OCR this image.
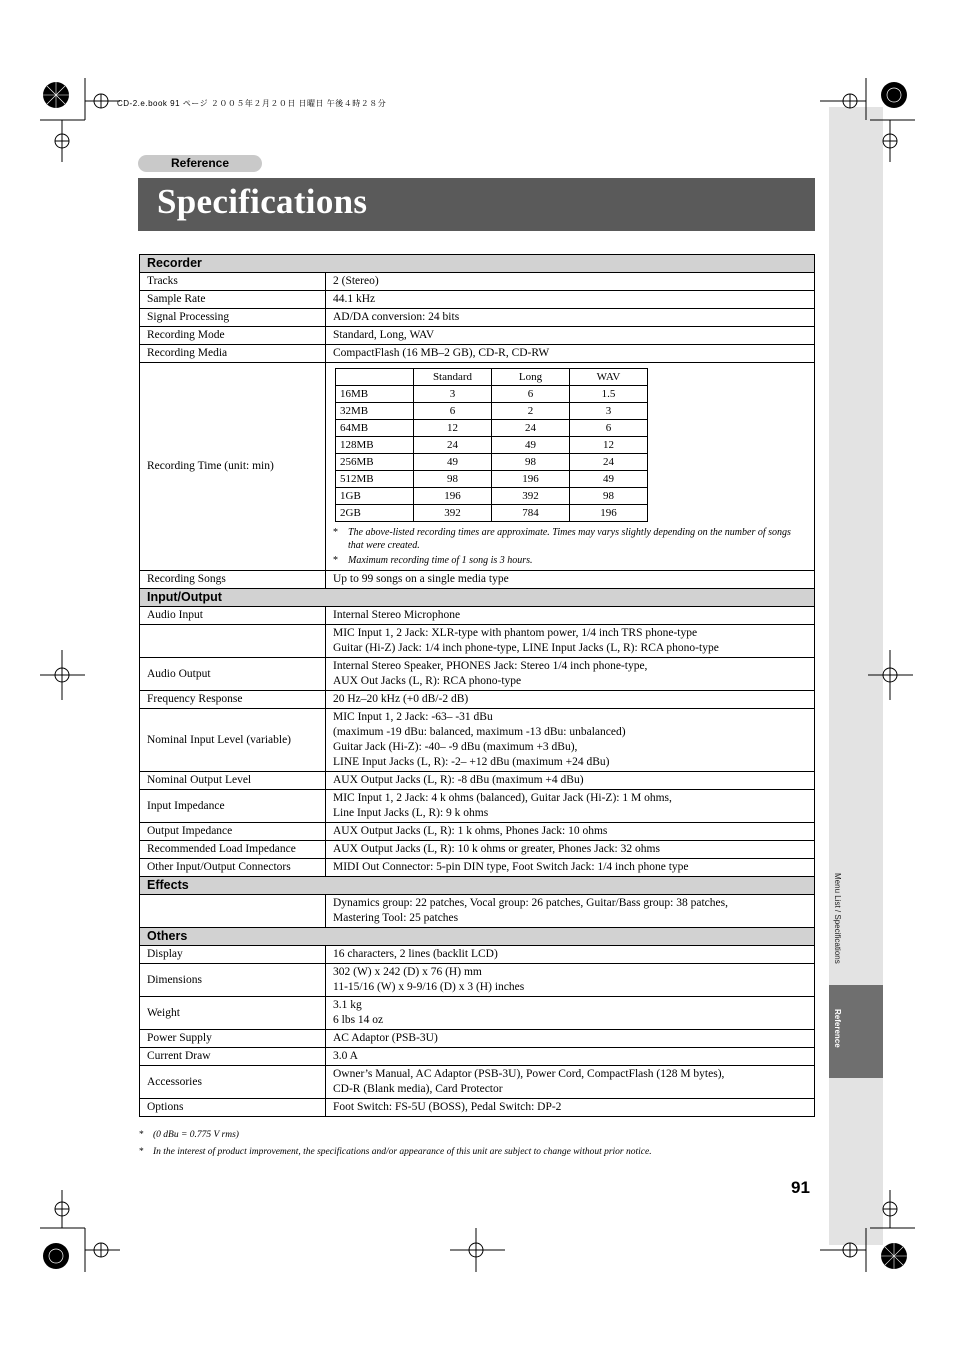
Menu List / Specifications
Reference
CD-2.e.book 91 ページ ２００５年２月２０日 日曜日 午後４時２８分
Reference
Specifications
Recorder
Tracks	2 (Stereo)
Sample Rate	44.1 kHz
Signal Processing	AD/DA conversion: 24 bits
Recording Mode	Standard, Long, WAV
Recording Media	CompactFlash (16 MB–2 GB), CD-R, CD-RW
Recording Time (unit: min)	
	Standard	Long	WAV
16MB	3	6	1.5
32MB	6	2	3
64MB	12	24	6
128MB	24	49	12
256MB	49	98	24
512MB	98	196	49
1GB	196	392	98
2GB	392	784	196
* The above-listed recording times are approximate. Times may varys slightly depending on the number of songs that were created.
* Maximum recording time of 1 song is 3 hours.

Recording Songs	Up to 99 songs on a single media type
Input/Output
Audio Input	Internal Stereo Microphone

MIC Input 1, 2 Jack: XLR-type with phantom power, 1/4 inch TRS phone-type
Guitar (Hi-Z) Jack: 1/4 inch phone-type, LINE Input Jacks (L, R): RCA phono-type

Audio Output	
Internal Stereo Speaker, PHONES Jack: Stereo 1/4 inch phone-type,
AUX Out Jacks (L, R): RCA phono-type

Frequency Response	20 Hz–20 kHz (+0 dB/-2 dB)
Nominal Input Level (variable)	
MIC Input 1, 2 Jack: -63– -31 dBu
(maximum -19 dBu: balanced, maximum -13 dBu: unbalanced)
Guitar Jack (Hi-Z): -40– -9 dBu (maximum +3 dBu),
LINE Input Jacks (L, R): -2– +12 dBu (maximum +24 dBu)

Nominal Output Level	AUX Output Jacks (L, R): -8 dBu (maximum +4 dBu)
Input Impedance	
MIC Input 1, 2 Jack: 4 k ohms (balanced), Guitar Jack (Hi-Z): 1 M ohms,
Line Input Jacks (L, R): 9 k ohms

Output Impedance	AUX Output Jacks (L, R): 1 k ohms, Phones Jack: 10 ohms
Recommended Load Impedance	AUX Output Jacks (L, R): 10 k ohms or greater, Phones Jack: 32 ohms
Other Input/Output Connectors	MIDI Out Connector: 5-pin DIN type, Foot Switch Jack: 1/4 inch phone type
Effects

Dynamics group: 22 patches, Vocal group: 26 patches, Guitar/Bass group: 38 patches,
Mastering Tool: 25 patches

Others
Display	16 characters, 2 lines (backlit LCD)
Dimensions	
302 (W) x 242 (D) x 76 (H) mm
11-15/16 (W) x 9-9/16 (D) x 3 (H) inches

Weight	
3.1 kg
6 lbs 14 oz

Power Supply	AC Adaptor (PSB-3U)
Current Draw	3.0 A
Accessories	
Owner’s Manual, AC Adaptor (PSB-3U), Power Cord, CompactFlash (128 M bytes),
CD-R (Blank media), Card Protector

Options	Foot Switch: FS-5U (BOSS), Pedal Switch: DP-2
* (0 dBu = 0.775 V rms)
* In the interest of product improvement, the specifications and/or appearance of this unit are subject to change without prior notice.
91
